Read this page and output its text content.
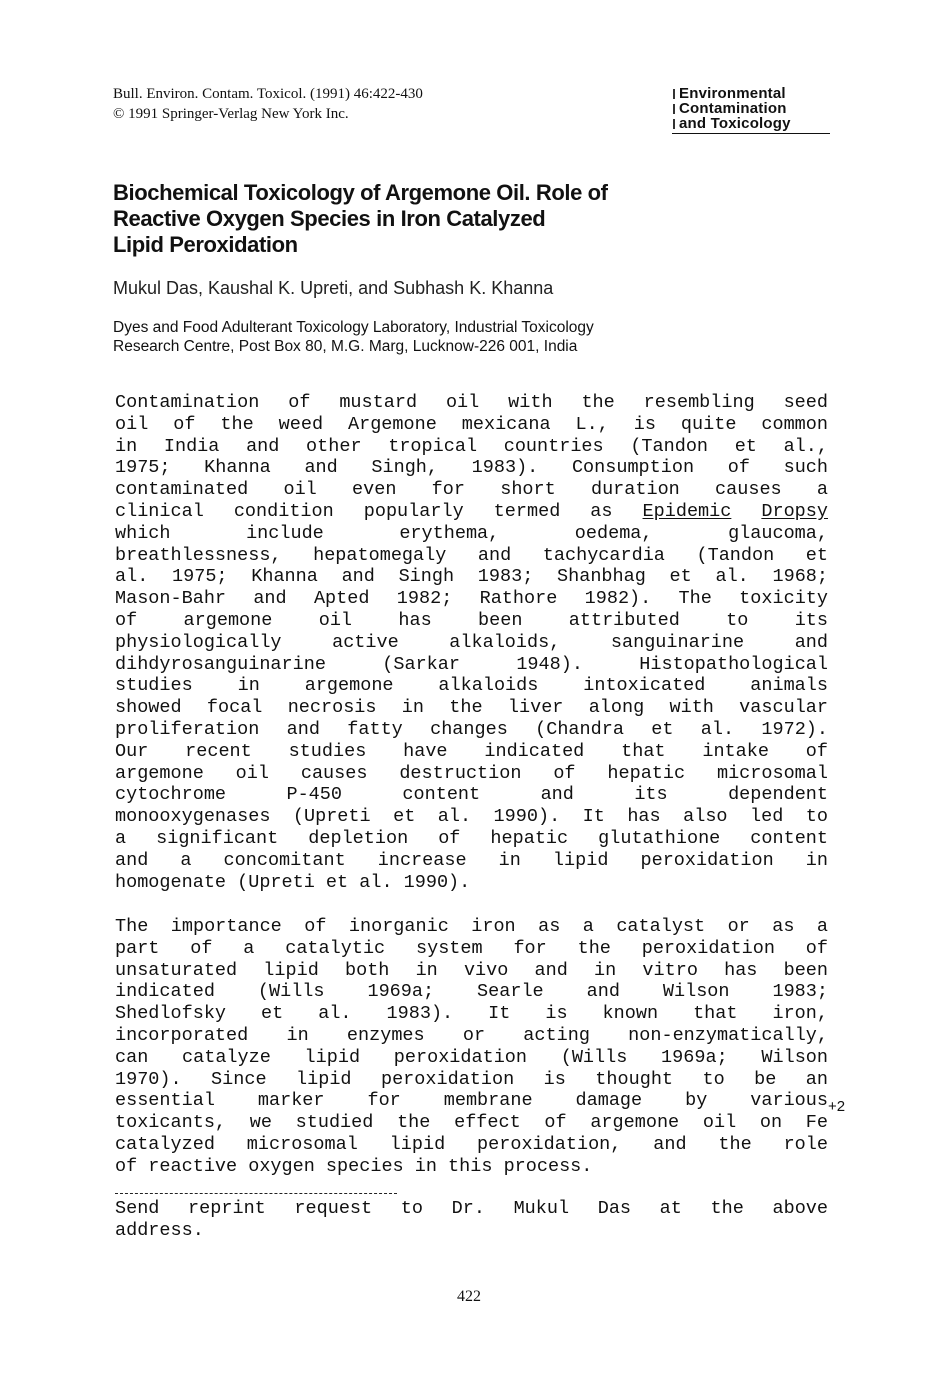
Bull. Environ. Contam. Toxicol. (1991) 46:422-430
© 1991 Springer-Verlag New York Inc.
Environmental
Contamination
and Toxicology
Biochemical Toxicology of Argemone Oil. Role of
Reactive Oxygen Species in Iron Catalyzed
Lipid Peroxidation
Mukul Das, Kaushal K. Upreti, and Subhash K. Khanna
Dyes and Food Adulterant Toxicology Laboratory, Industrial Toxicology
Research Centre, Post Box 80, M.G. Marg, Lucknow-226 001, India
Contamination of mustard oil with the resembling seed
oil of the weed Argemone mexicana L., is quite common
in India and other tropical countries (Tandon et al.,
1975; Khanna and Singh, 1983). Consumption of such
contaminated oil even for short duration causes a
clinical condition popularly termed as Epidemic Dropsy
which include erythema, oedema, glaucoma,
breathlessness, hepatomegaly and tachycardia (Tandon et
al. 1975; Khanna and Singh 1983; Shanbhag et al. 1968;
Mason-Bahr and Apted 1982; Rathore 1982). The toxicity
of argemone oil has been attributed to its
physiologically active alkaloids, sanguinarine and
dihdyrosanguinarine (Sarkar 1948). Histopathological
studies in argemone alkaloids intoxicated animals
showed focal necrosis in the liver along with vascular
proliferation and fatty changes (Chandra et al. 1972).
Our recent studies have indicated that intake of
argemone oil causes destruction of hepatic microsomal
cytochrome P-450 content and its dependent
monooxygenases (Upreti et al. 1990). It has also led to
a significant depletion of hepatic glutathione content
and a concomitant increase in lipid peroxidation in
homogenate (Upreti et al. 1990).
The importance of inorganic iron as a catalyst or as a
part of a catalytic system for the peroxidation of
unsaturated lipid both in vivo and in vitro has been
indicated (Wills 1969a; Searle and Wilson 1983;
Shedlofsky et al. 1983). It is known that iron,
incorporated in enzymes or acting non-enzymatically,
can catalyze lipid peroxidation (Wills 1969a; Wilson
1970). Since lipid peroxidation is thought to be an
essential marker for membrane damage by various
toxicants, we studied the effect of argemone oil on Fe
catalyzed microsomal lipid peroxidation, and the role
of reactive oxygen species in this process.
+2
Send reprint request to Dr. Mukul Das at the above
address.
422
